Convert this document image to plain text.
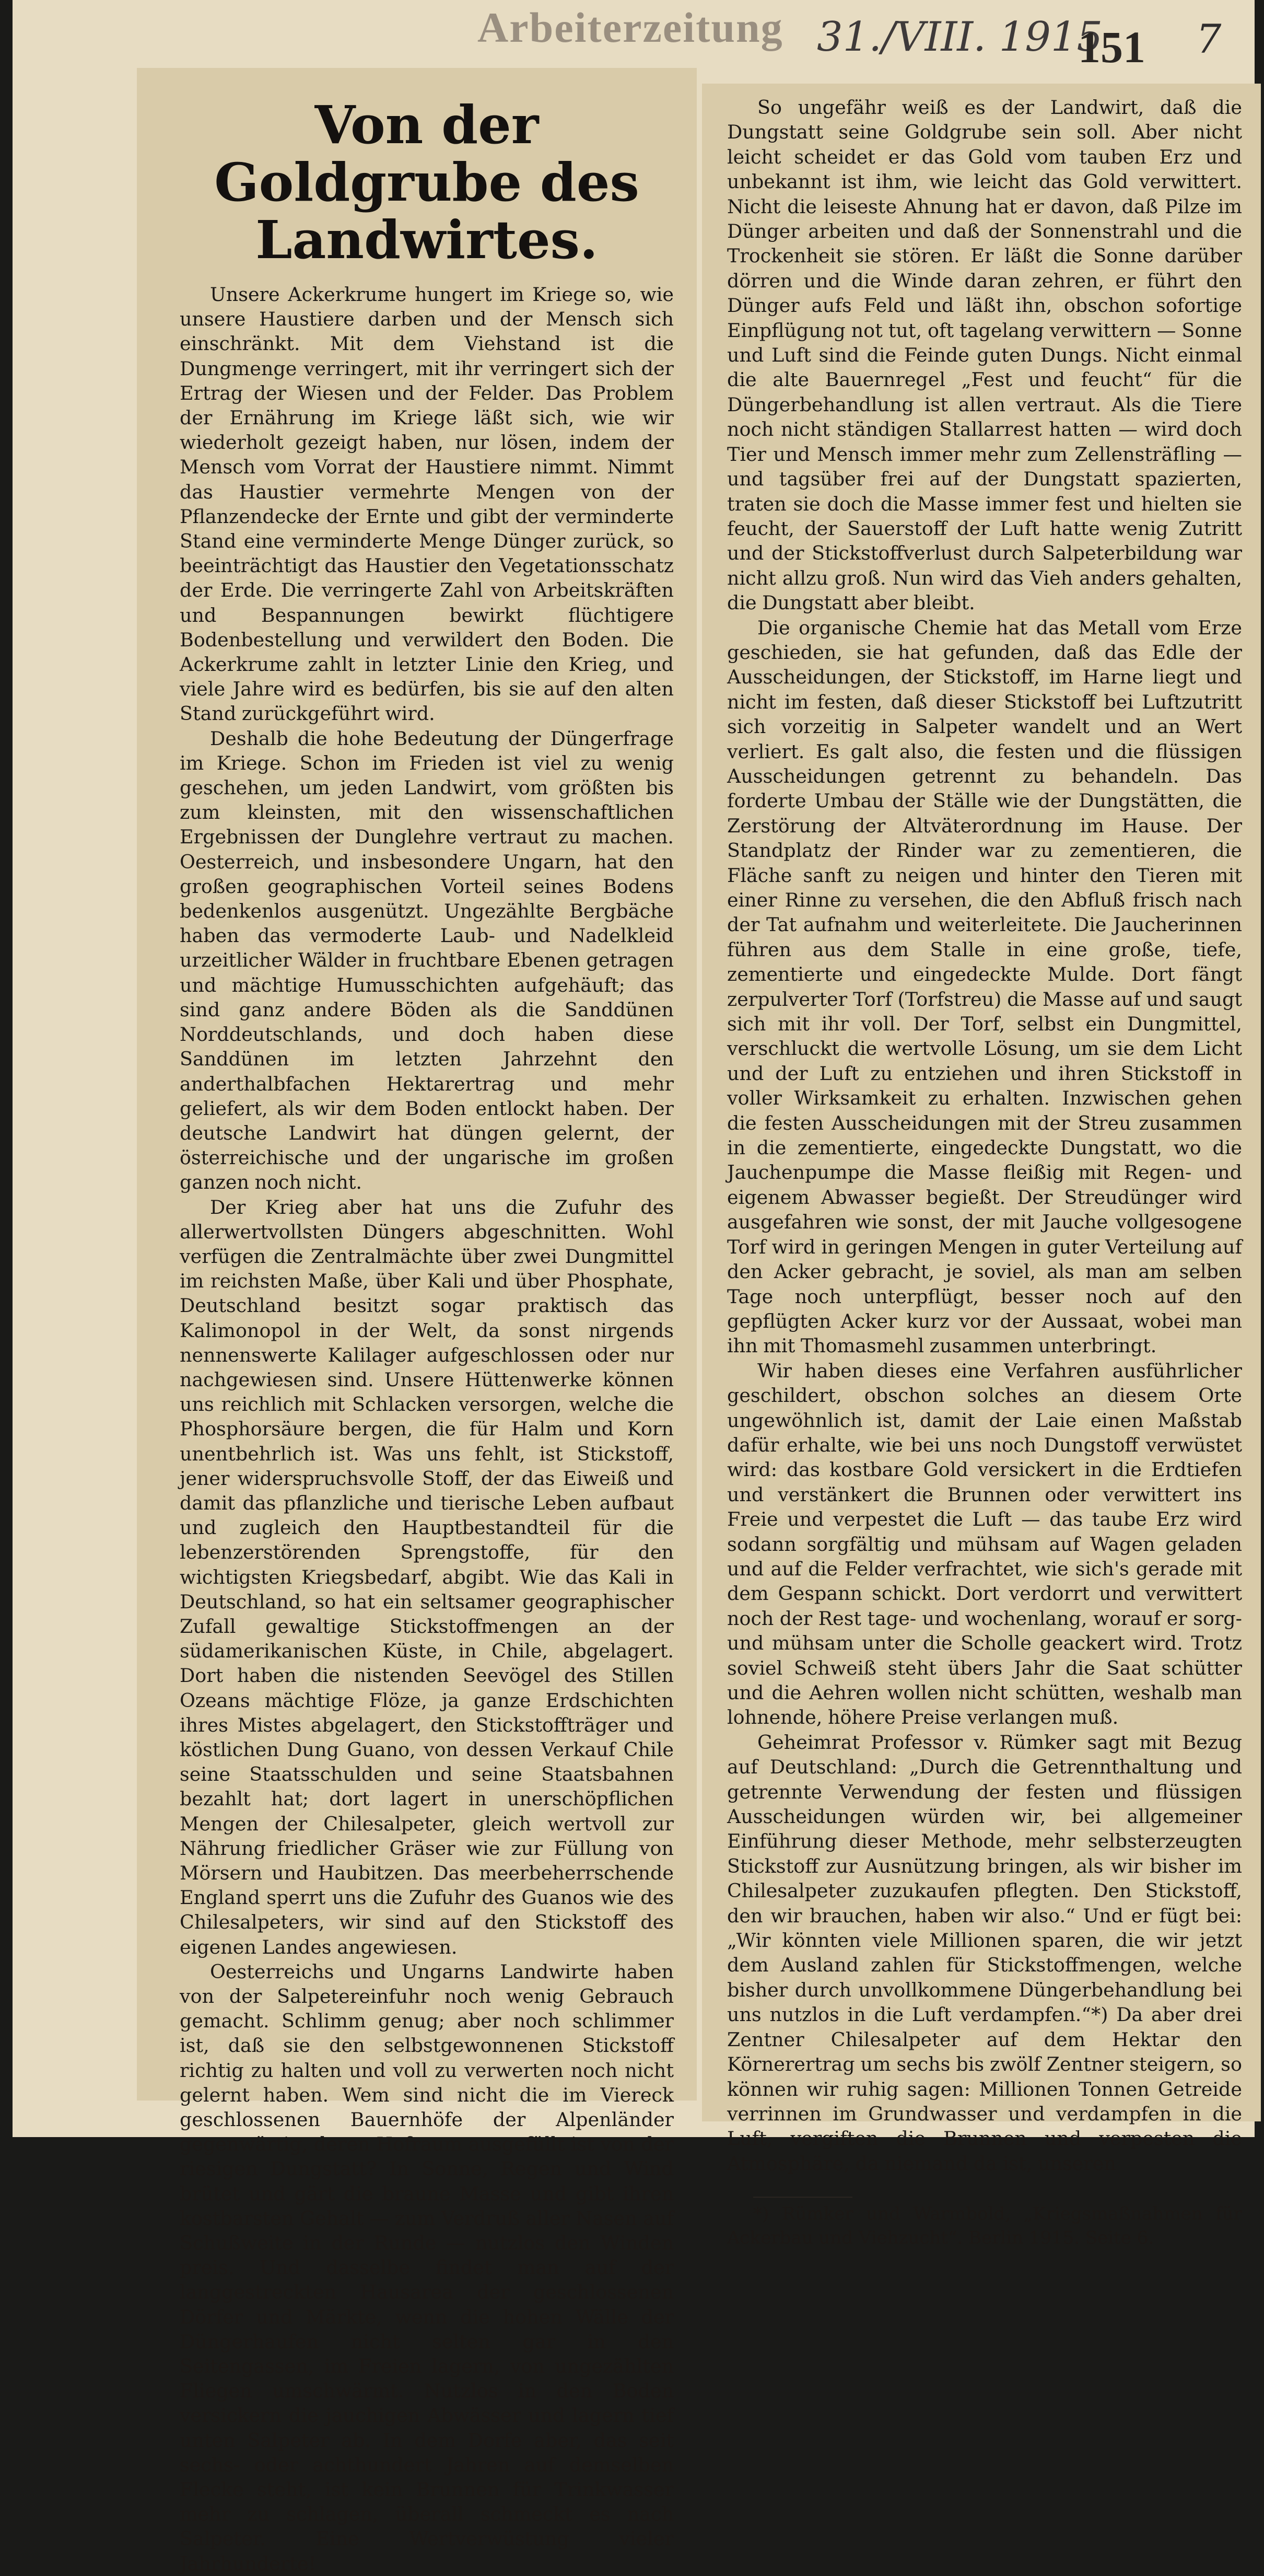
Arbeiterzeitung 31./VIII. 1915
151 7
Von der Goldgrube des
Landwirtes.

Unsere Ackerkrume hungert im Kriege so, wie unsere Haustiere darben und der Mensch sich einschränkt. Mit dem Viehstand ist die Dungmenge verringert, mit ihr verringert sich der Ertrag der Wiesen und der Felder. Das Problem der Ernährung im Kriege läßt sich, wie wir wiederholt gezeigt haben, nur lösen, indem der Mensch vom Vorrat der Haustiere nimmt. Nimmt das Haustier vermehrte Mengen von der Pflanzendecke der Ernte und gibt der verminderte Stand eine verminderte Menge Dünger zurück, so beeinträchtigt das Haustier den Vegetationsschatz der Erde. Die verringerte Zahl von Arbeitskräften und Bespannungen bewirkt flüchtigere Bodenbestellung und verwildert den Boden. Die Ackerkrume zahlt in letzter Linie den Krieg, und viele Jahre wird es bedürfen, bis sie auf den alten Stand zurückgeführt wird.

Deshalb die hohe Bedeutung der Düngerfrage im Kriege. Schon im Frieden ist viel zu wenig geschehen, um jeden Landwirt, vom größten bis zum kleinsten, mit den wissenschaftlichen Ergebnissen der Dunglehre vertraut zu machen. Oesterreich, und insbesondere Ungarn, hat den großen geographischen Vorteil seines Bodens bedenkenlos ausgenützt. Ungezählte Bergbäche haben das vermoderte Laub- und Nadelkleid urzeitlicher Wälder in fruchtbare Ebenen getragen und mächtige Humusschichten aufgehäuft; das sind ganz andere Böden als die Sanddünen Norddeutschlands, und doch haben diese Sanddünen im letzten Jahrzehnt den anderthalbfachen Hektarertrag und mehr geliefert, als wir dem Boden entlockt haben. Der deutsche Landwirt hat düngen gelernt, der österreichische und der ungarische im großen ganzen noch nicht.

Der Krieg aber hat uns die Zufuhr des allerwertvollsten Düngers abgeschnitten. Wohl verfügen die Zentralmächte über zwei Dungmittel im reichsten Maße, über Kali und über Phosphate, Deutschland besitzt sogar praktisch das Kalimonopol in der Welt, da sonst nirgends nennenswerte Kalilager aufgeschlossen oder nur nachgewiesen sind. Unsere Hüttenwerke können uns reichlich mit Schlacken versorgen, welche die Phosphorsäure bergen, die für Halm und Korn unentbehrlich ist. Was uns fehlt, ist Stickstoff, jener widerspruchsvolle Stoff, der das Eiweiß und damit das pflanzliche und tierische Leben aufbaut und zugleich den Hauptbestandteil für die lebenzerstörenden Sprengstoffe, für den wichtigsten Kriegsbedarf, abgibt. Wie das Kali in Deutschland, so hat ein seltsamer geographischer Zufall gewaltige Stickstoffmengen an der südamerikanischen Küste, in Chile, abgelagert. Dort haben die nistenden Seevögel des Stillen Ozeans mächtige Flöze, ja ganze Erdschichten ihres Mistes abgelagert, den Stickstoffträger und köstlichen Dung Guano, von dessen Verkauf Chile seine Staatsschulden und seine Staatsbahnen bezahlt hat; dort lagert in unerschöpflichen Mengen der Chilesalpeter, gleich wertvoll zur Nährung friedlicher Gräser wie zur Füllung von Mörsern und Haubitzen. Das meerbeherrschende England sperrt uns die Zufuhr des Guanos wie des Chilesalpeters, wir sind auf den Stickstoff des eigenen Landes angewiesen.

Oesterreichs und Ungarns Landwirte haben von der Salpetereinfuhr noch wenig Gebrauch gemacht. Schlimm genug; aber noch schlimmer ist, daß sie den selbstgewonnenen Stickstoff richtig zu halten und voll zu verwerten noch nicht gelernt haben. Wem sind nicht die im Viereck geschlossenen Bauernhöfe der Alpenländer gegenwärtig, deren Hofraum ausgefüllt ist von der riesigen Dungstatt? In Sonne, Regen und Wind brütet und gärt die braune Masse und gibt ihren kostbarsten Gehalt — zum Verdruß aller Nasen auf Schußweite in der Runde — nutzlos den Winden preis. Und dasselbe findet man auf der langgestreckten Hausarea der geschlossenen Dörfer und Märkte, wenn die hohen Wälle der Düngerhaufen nicht selten gar in den Seitengassen, im Freien lagern, von ungezählten Fliegen umschwärmt. Nutzlos in den Boden versickern die jauchigen Abwässer und lagern tief unten Salpeter ab. In dem Dorfe aber, das seit sechs- oder achthundert Jahren auf demselben Flecke steht, ist kein Brunnen für Trinkwasser mehr zu schlagen, überall schmeckt es nach Salpeter. Eine Wertverwüstung vieler Jahrhunderte!

So ungefähr weiß es der Landwirt, daß die Dungstatt seine Goldgrube sein soll. Aber nicht leicht scheidet er das Gold vom tauben Erz und unbekannt ist ihm, wie leicht das Gold verwittert. Nicht die leiseste Ahnung hat er davon, daß Pilze im Dünger arbeiten und daß der Sonnenstrahl und die Trockenheit sie stören. Er läßt die Sonne darüber dörren und die Winde daran zehren, er führt den Dünger aufs Feld und läßt ihn, obschon sofortige Einpflügung not tut, oft tagelang verwittern — Sonne und Luft sind die Feinde guten Dungs. Nicht einmal die alte Bauernregel „Fest und feucht“ für die Düngerbehandlung ist allen vertraut. Als die Tiere noch nicht ständigen Stallarrest hatten — wird doch Tier und Mensch immer mehr zum Zellensträfling — und tagsüber frei auf der Dungstatt spazierten, traten sie doch die Masse immer fest und hielten sie feucht, der Sauerstoff der Luft hatte wenig Zutritt und der Stickstoffverlust durch Salpeterbildung war nicht allzu groß. Nun wird das Vieh anders gehalten, die Dungstatt aber bleibt.

Die organische Chemie hat das Metall vom Erze geschieden, sie hat gefunden, daß das Edle der Ausscheidungen, der Stickstoff, im Harne liegt und nicht im festen, daß dieser Stickstoff bei Luftzutritt sich vorzeitig in Salpeter wandelt und an Wert verliert. Es galt also, die festen und die flüssigen Ausscheidungen getrennt zu behandeln. Das forderte Umbau der Ställe wie der Dungstätten, die Zerstörung der Altväterordnung im Hause. Der Standplatz der Rinder war zu zementieren, die Fläche sanft zu neigen und hinter den Tieren mit einer Rinne zu versehen, die den Abfluß frisch nach der Tat aufnahm und weiterleitete. Die Jaucherinnen führen aus dem Stalle in eine große, tiefe, zementierte und eingedeckte Mulde. Dort fängt zerpulverter Torf (Torfstreu) die Masse auf und saugt sich mit ihr voll. Der Torf, selbst ein Dungmittel, verschluckt die wertvolle Lösung, um sie dem Licht und der Luft zu entziehen und ihren Stickstoff in voller Wirksamkeit zu erhalten. Inzwischen gehen die festen Ausscheidungen mit der Streu zusammen in die zementierte, eingedeckte Dungstatt, wo die Jauchenpumpe die Masse fleißig mit Regen- und eigenem Abwasser begießt. Der Streudünger wird ausgefahren wie sonst, der mit Jauche vollgesogene Torf wird in geringen Mengen in guter Verteilung auf den Acker gebracht, je soviel, als man am selben Tage noch unterpflügt, besser noch auf den gepflügten Acker kurz vor der Aussaat, wobei man ihn mit Thomasmehl zusammen unterbringt.

Wir haben dieses eine Verfahren ausführlicher geschildert, obschon solches an diesem Orte ungewöhnlich ist, damit der Laie einen Maßstab dafür erhalte, wie bei uns noch Dungstoff verwüstet wird: das kostbare Gold versickert in die Erdtiefen und verstänkert die Brunnen oder verwittert ins Freie und verpestet die Luft — das taube Erz wird sodann sorgfältig und mühsam auf Wagen geladen und auf die Felder verfrachtet, wie sich's gerade mit dem Gespann schickt. Dort verdorrt und verwittert noch der Rest tage- und wochenlang, worauf er sorg- und mühsam unter die Scholle geackert wird. Trotz soviel Schweiß steht übers Jahr die Saat schütter und die Aehren wollen nicht schütten, weshalb man lohnende, höhere Preise verlangen muß.

Geheimrat Professor v. Rümker sagt mit Bezug auf Deutschland: „Durch die Getrennthaltung und getrennte Verwendung der festen und flüssigen Ausscheidungen würden wir, bei allgemeiner Einführung dieser Methode, mehr selbsterzeugten Stickstoff zur Ausnützung bringen, als wir bisher im Chilesalpeter zuzukaufen pflegten. Den Stickstoff, den wir brauchen, haben wir also.“ Und er fügt bei: „Wir könnten viele Millionen sparen, die wir jetzt dem Ausland zahlen für Stickstoffmengen, welche bisher durch unvollkommene Düngerbehandlung bei uns nutzlos in die Luft verdampfen.“*) Da aber drei Zentner Chilesalpeter auf dem Hektar den Körnerertrag um sechs bis zwölf Zentner steigern, so können wir ruhig sagen: Millionen Tonnen Getreide verrinnen im Grundwasser und verdampfen in die Luft, vergiften die Brunnen und verpesten die Atmosphäre, da niemand da ist, unseren

*) Rümker und Warmbold, „Kriegsmaßnahmen für Ackerbau und Viehzucht“. Berlin 1915. Seite 6.
